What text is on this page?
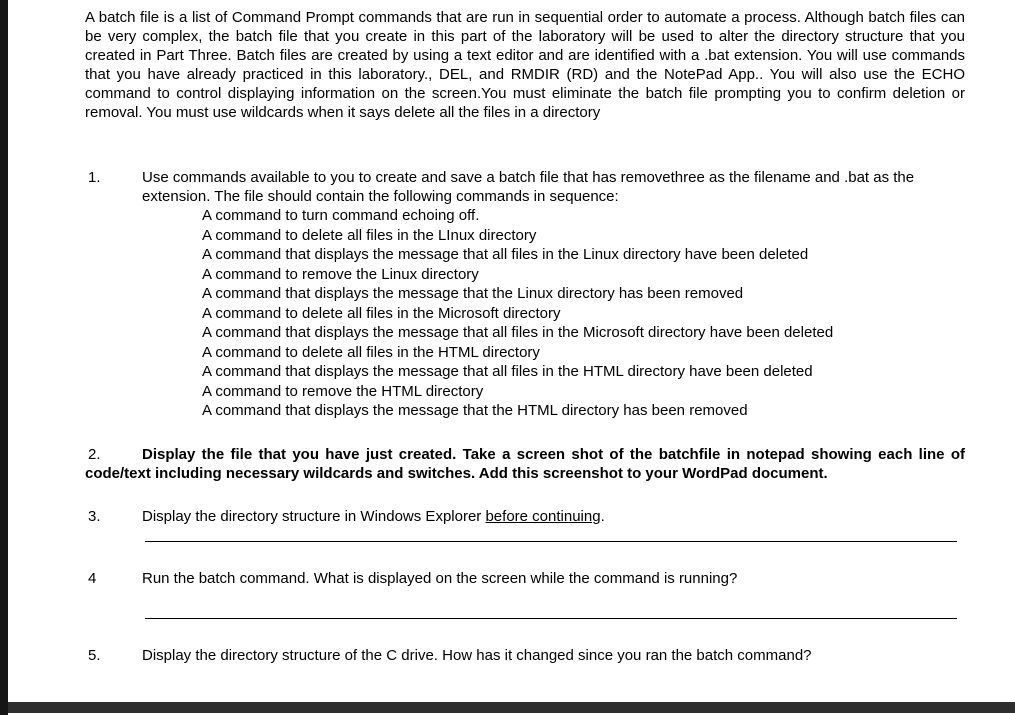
A batch file is a list of Command Prompt commands that are run in sequential order to automate a process. Although batch files can be very complex, the batch file that you create in this part of the laboratory will be used to alter the directory structure that you created in Part Three. Batch files are created by using a text editor and are identified with a .bat extension. You will use commands that you have already practiced in this laboratory., DEL, and RMDIR (RD) and the NotePad App.. You will also use the ECHO command to control displaying information on the screen.You must eliminate the batch file prompting you to confirm deletion or removal. You must use wildcards when it says delete all the files in a directory

1.	Use commands available to you to create and save a batch file that has removethree as the filename and .bat as the extension. The file should contain the following commands in sequence:
A command to turn command echoing off.
A command to delete all files in the LInux directory
A command that displays the message that all files in the Linux directory have been deleted
A command to remove the Linux directory
A command that displays the message that the Linux directory has been removed
A command to delete all files in the Microsoft directory
A command that displays the message that all files in the Microsoft directory have been deleted
A command to delete all files in the HTML directory
A command that displays the message that all files in the HTML directory have been deleted
A command to remove the HTML directory
A command that displays the message that the HTML directory has been removed

2.	Display the file that you have just created. Take a screen shot of the batchfile in notepad showing each line of code/text including necessary wildcards and switches. Add this screenshot to your WordPad document.

3.	Display the directory structure in Windows Explorer before continuing.
4	Run the batch command. What is displayed on the screen while the command is running?
5.	Display the directory structure of the C drive. How has it changed since you ran the batch command?
